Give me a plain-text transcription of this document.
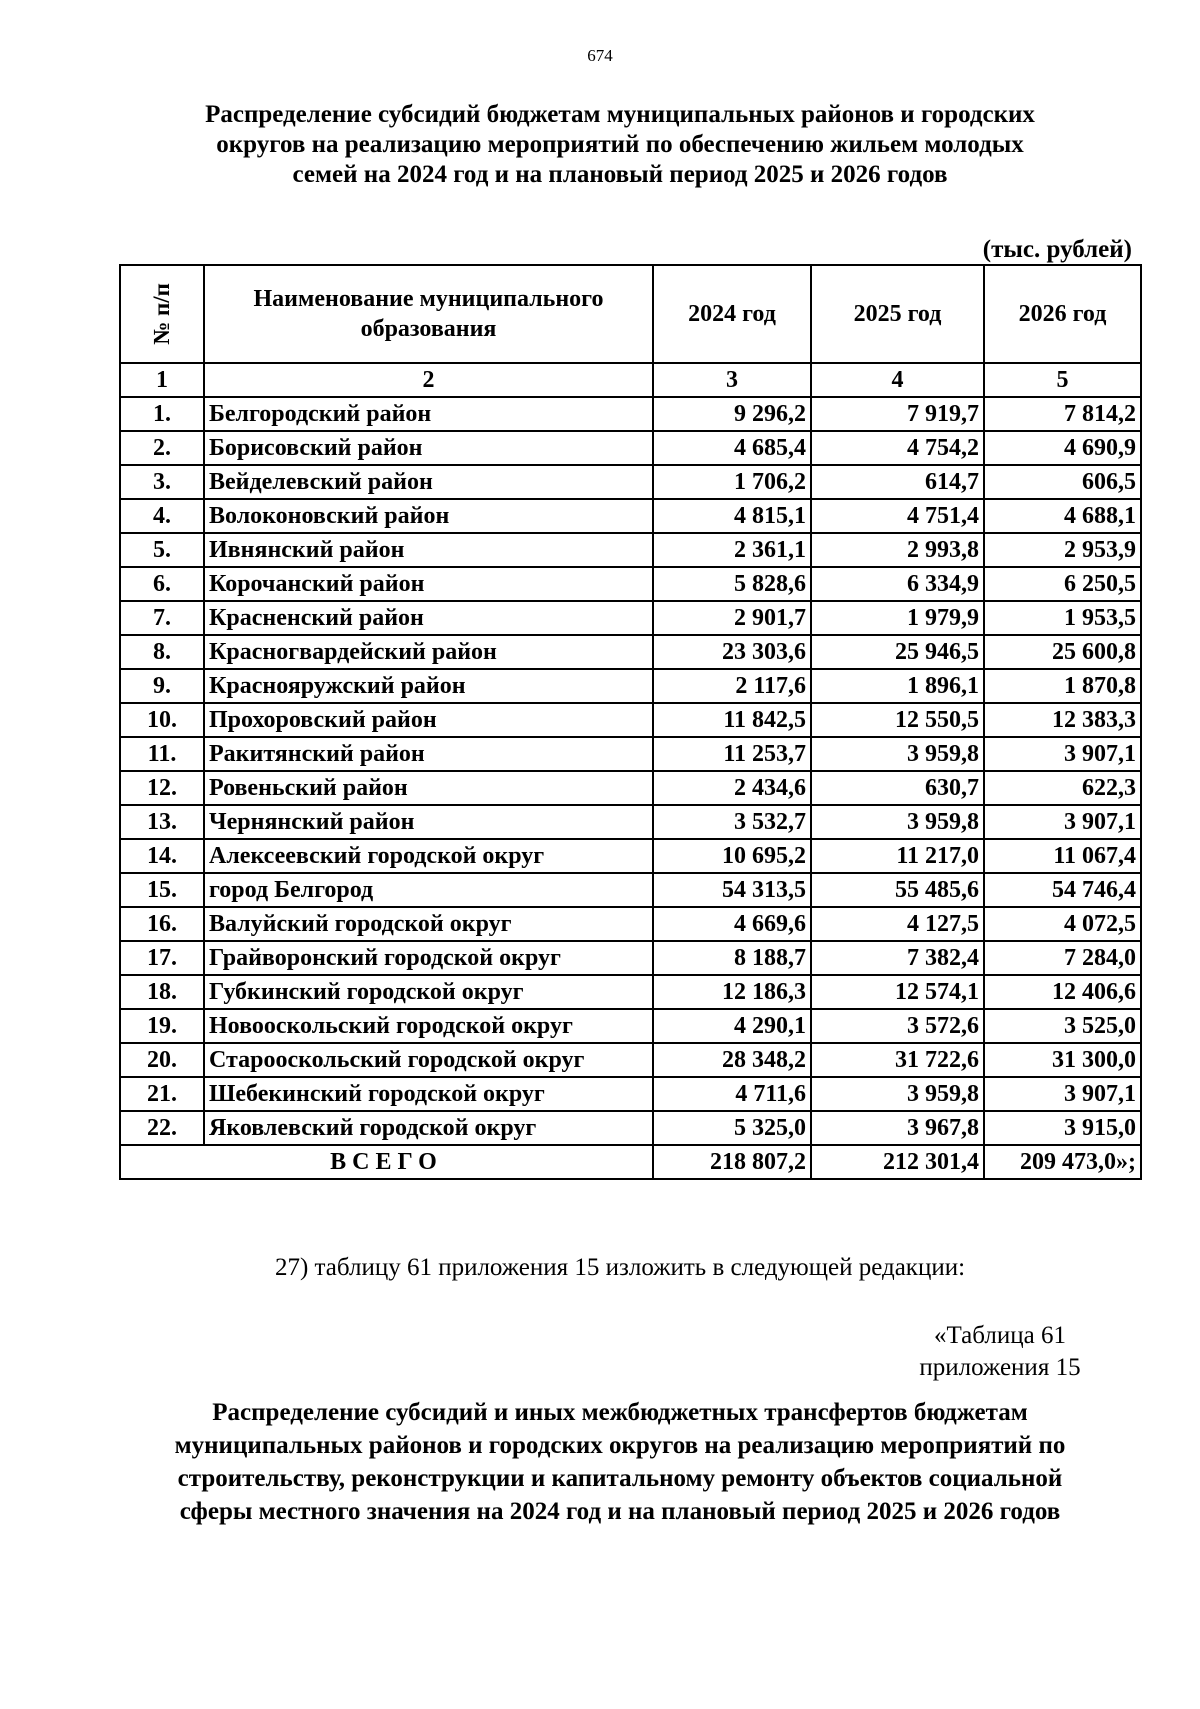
674
Распределение субсидий бюджетам муниципальных районов и городских
округов на реализацию мероприятий по обеспечению жильем молодых
семей на 2024 год и на плановый период 2025 и 2026 годов
(тыс. рублей)
№ п/п	Наименование муниципального образования	2024 год	2025 год	2026 год
1	2	3	4	5
1.	Белгородский район	9 296,2	7 919,7	7 814,2
2.	Борисовский район	4 685,4	4 754,2	4 690,9
3.	Вейделевский район	1 706,2	614,7	606,5
4.	Волоконовский район	4 815,1	4 751,4	4 688,1
5.	Ивнянский район	2 361,1	2 993,8	2 953,9
6.	Корочанский район	5 828,6	6 334,9	6 250,5
7.	Красненский район	2 901,7	1 979,9	1 953,5
8.	Красногвардейский район	23 303,6	25 946,5	25 600,8
9.	Краснояружский район	2 117,6	1 896,1	1 870,8
10.	Прохоровский район	11 842,5	12 550,5	12 383,3
11.	Ракитянский район	11 253,7	3 959,8	3 907,1
12.	Ровеньский район	2 434,6	630,7	622,3
13.	Чернянский район	3 532,7	3 959,8	3 907,1
14.	Алексеевский городской округ	10 695,2	11 217,0	11 067,4
15.	город Белгород	54 313,5	55 485,6	54 746,4
16.	Валуйский городской округ	4 669,6	4 127,5	4 072,5
17.	Грайворонский городской округ	8 188,7	7 382,4	7 284,0
18.	Губкинский городской округ	12 186,3	12 574,1	12 406,6
19.	Новооскольский городской округ	4 290,1	3 572,6	3 525,0
20.	Старооскольский городской округ	28 348,2	31 722,6	31 300,0
21.	Шебекинский городской округ	4 711,6	3 959,8	3 907,1
22.	Яковлевский городской округ	5 325,0	3 967,8	3 915,0
ВСЕГО		218 807,2	212 301,4	209 473,0»;
27) таблицу 61 приложения 15 изложить в следующей редакции:
«Таблица 61
приложения 15
Распределение субсидий и иных межбюджетных трансфертов бюджетам
муниципальных районов и городских округов на реализацию мероприятий по
строительству, реконструкции и капитальному ремонту объектов социальной
сферы местного значения на 2024 год и на плановый период 2025 и 2026 годов
